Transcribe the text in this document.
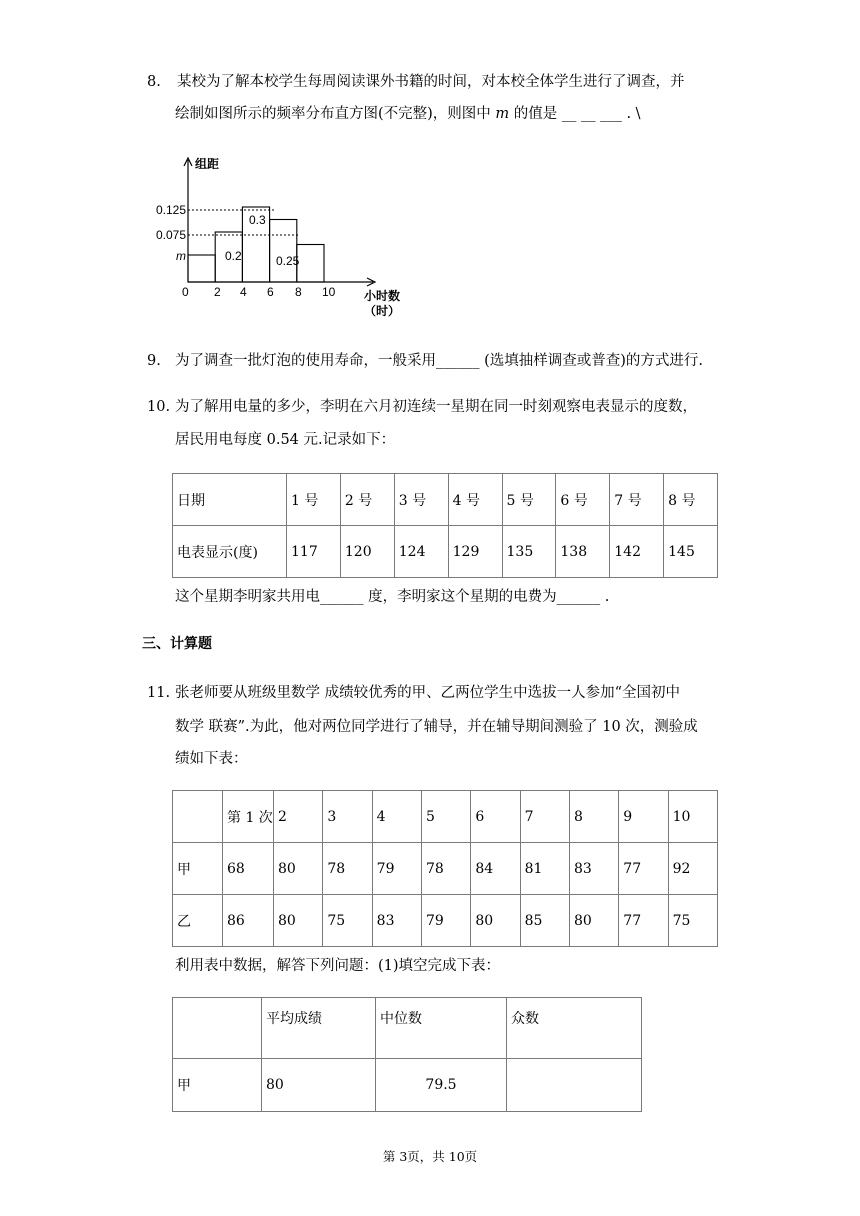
8. 某校为了解本校学生每周阅读课外书籍的时间，对本校全体学生进行了调查，并
绘制如图所示的频率分布直方图(不完整)，则图中 m 的值是 __ __ ___ . \
组距
0.125
0.075
m
0 2 4 6 8 10
0.2
0.3
0.25
小时数
（时）
9. 为了调查一批灯泡的使用寿命，一般采用______ (选填抽样调查或普查)的方式进行.
10. 为了解用电量的多少，李明在六月初连续一星期在同一时刻观察电表显示的度数，
居民用电每度 0.54 元.记录如下：
日期	1 号	2 号	3 号	4 号	5 号	6 号	7 号	8 号
电表显示(度)	117	120	124	129	135	138	142	145
这个星期李明家共用电______ 度，李明家这个星期的电费为______ .
三、计算题
11. 张老师要从班级里数学 成绩较优秀的甲、乙两位学生中选拔一人参加“全国初中
数学 联赛”.为此，他对两位同学进行了辅导，并在辅导期间测验了 10 次，测验成
绩如下表：
	第 1 次	2	3	4	5	6	7	8	9	10
甲	68	80	78	79	78	84	81	83	77	92
乙	86	80	75	83	79	80	85	80	77	75
利用表中数据，解答下列问题：(1)填空完成下表：
	平均成绩	中位数	众数
甲	80	79.5	
第 3页，共 10页
